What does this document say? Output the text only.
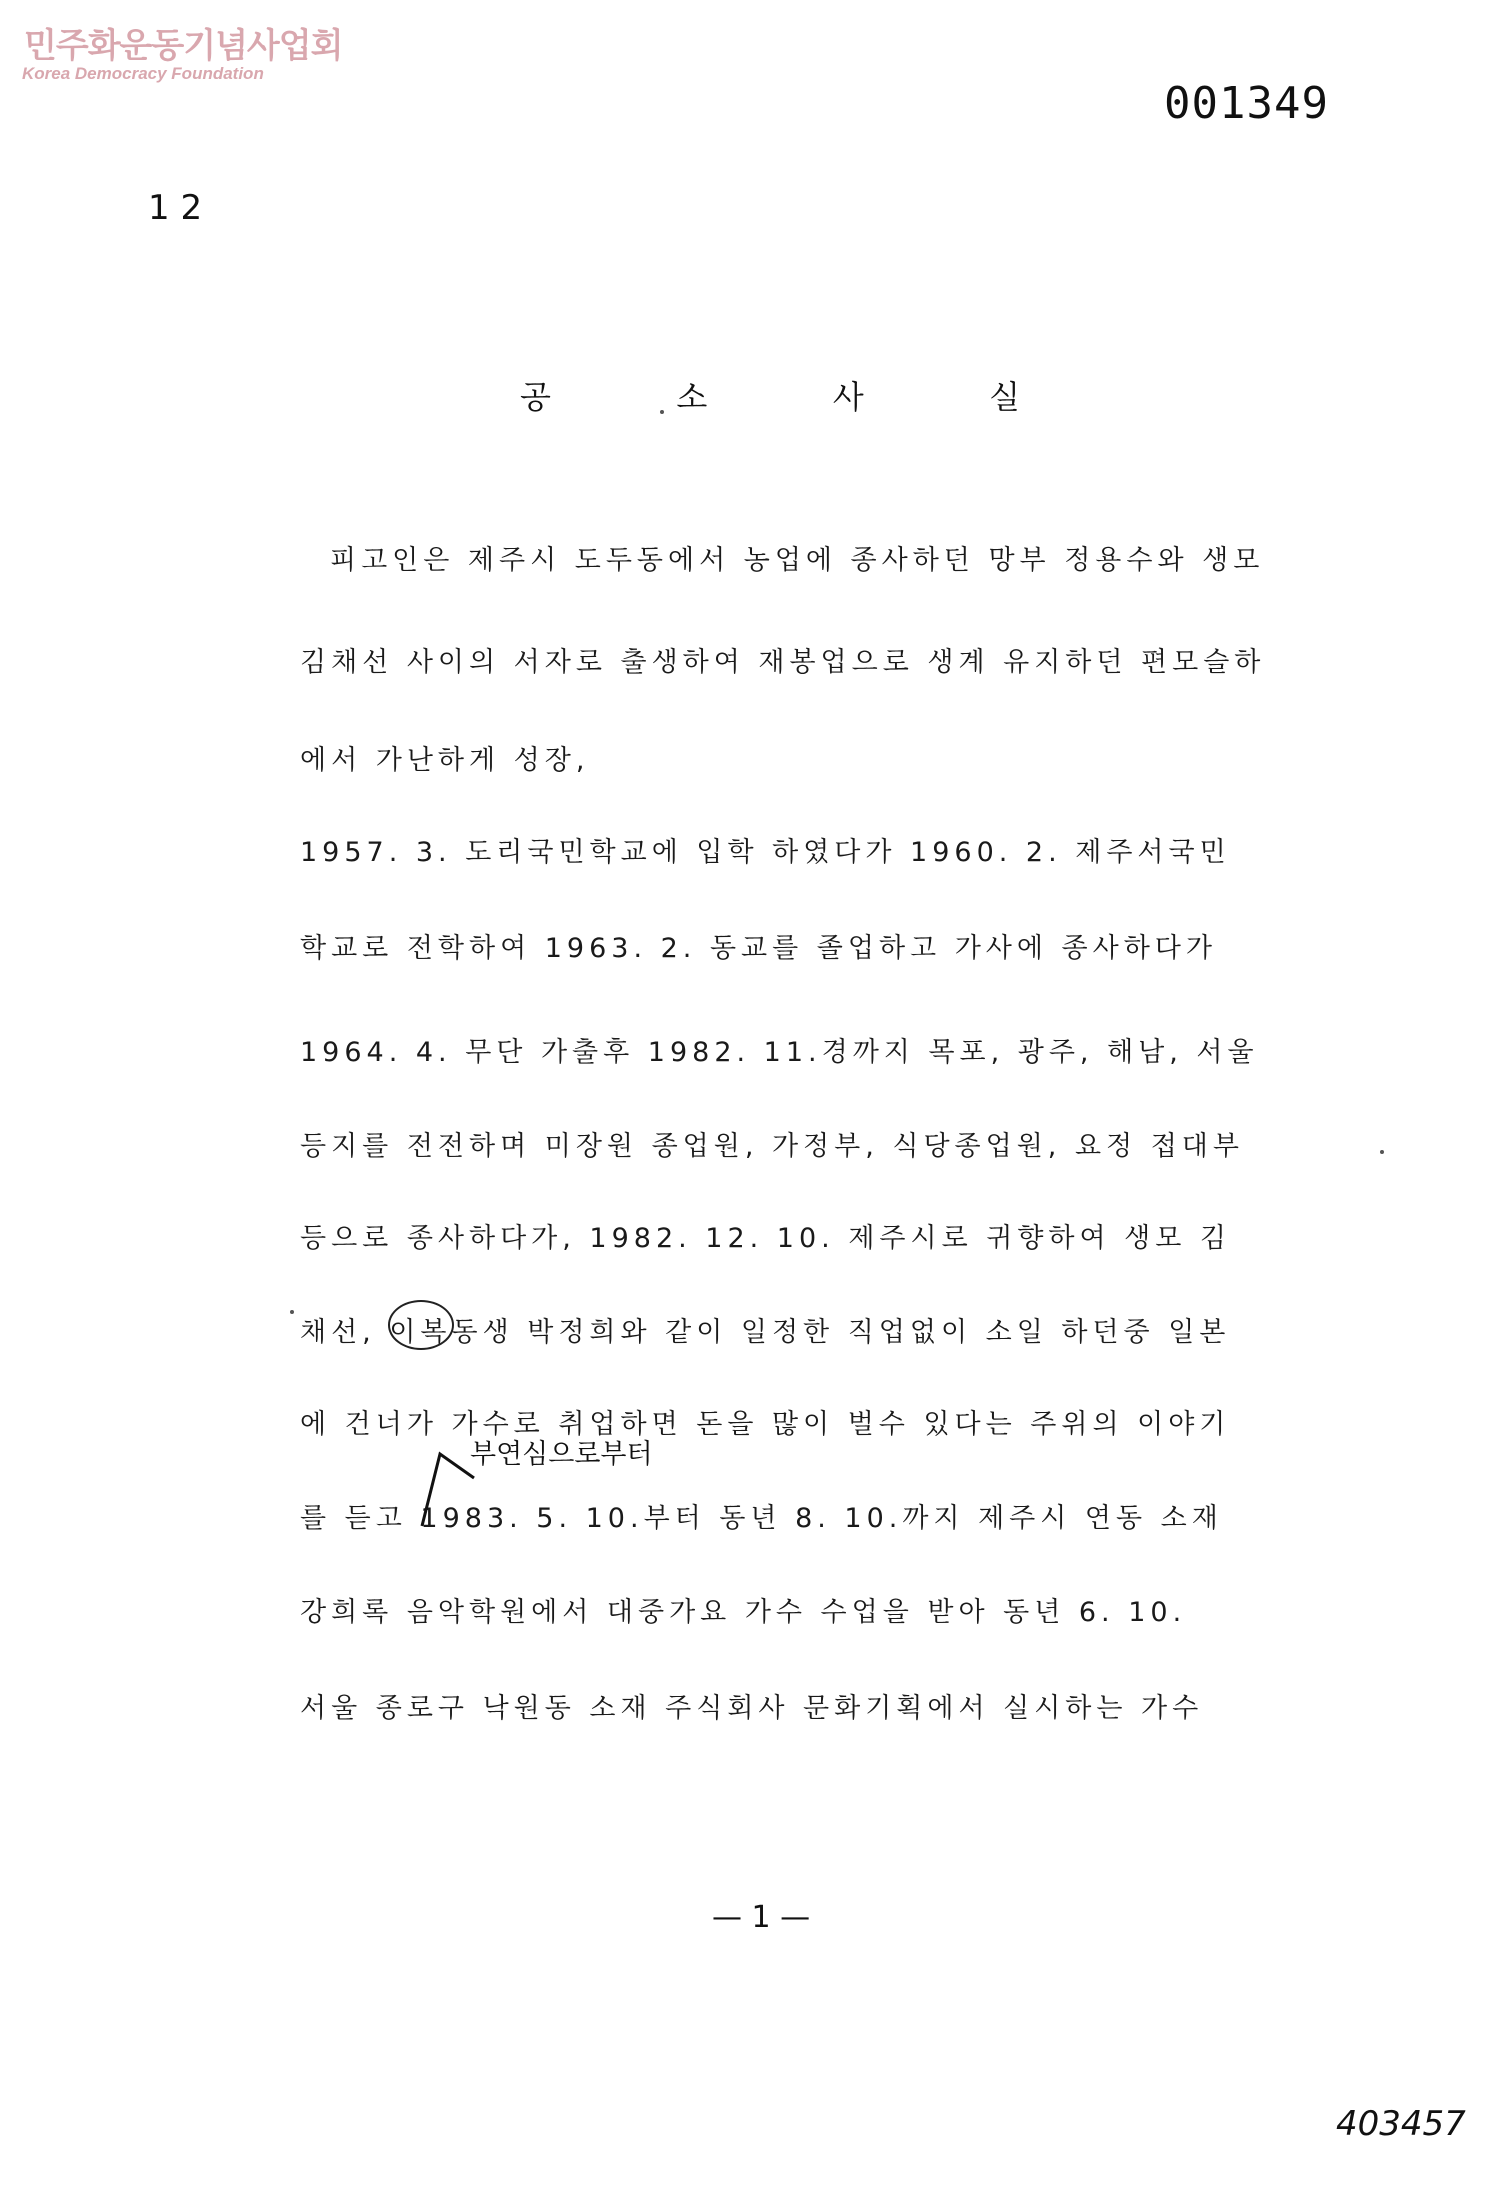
민주화운동기념사업회
Korea Democracy Foundation
001349
1 2
공	소	사	실
피고인은 제주시 도두동에서 농업에 종사하던 망부 정용수와 생모
김채선 사이의 서자로 출생하여 재봉업으로 생계 유지하던 편모슬하
에서 가난하게 성장,
1957. 3. 도리국민학교에 입학 하였다가 1960. 2. 제주서국민
학교로 전학하여 1963. 2. 동교를 졸업하고 가사에 종사하다가
1964. 4. 무단 가출후 1982. 11.경까지 목포, 광주, 해남, 서울
등지를 전전하며 미장원 종업원, 가정부, 식당종업원, 요정 접대부
등으로 종사하다가, 1982. 12. 10. 제주시로 귀향하여 생모 김
채선, 이복동생 박정희와 같이 일정한 직업없이 소일 하던중 일본
에 건너가 가수로 취업하면 돈을 많이 벌수 있다는 주위의 이야기
를 듣고 1983. 5. 10.부터 동년 8. 10.까지 제주시 연동 소재
강희록 음악학원에서 대중가요 가수 수업을 받아 동년 6. 10.
서울 종로구 낙원동 소재 주식회사 문화기획에서 실시하는 가수
부연심으로부터
— 1 —
403457
